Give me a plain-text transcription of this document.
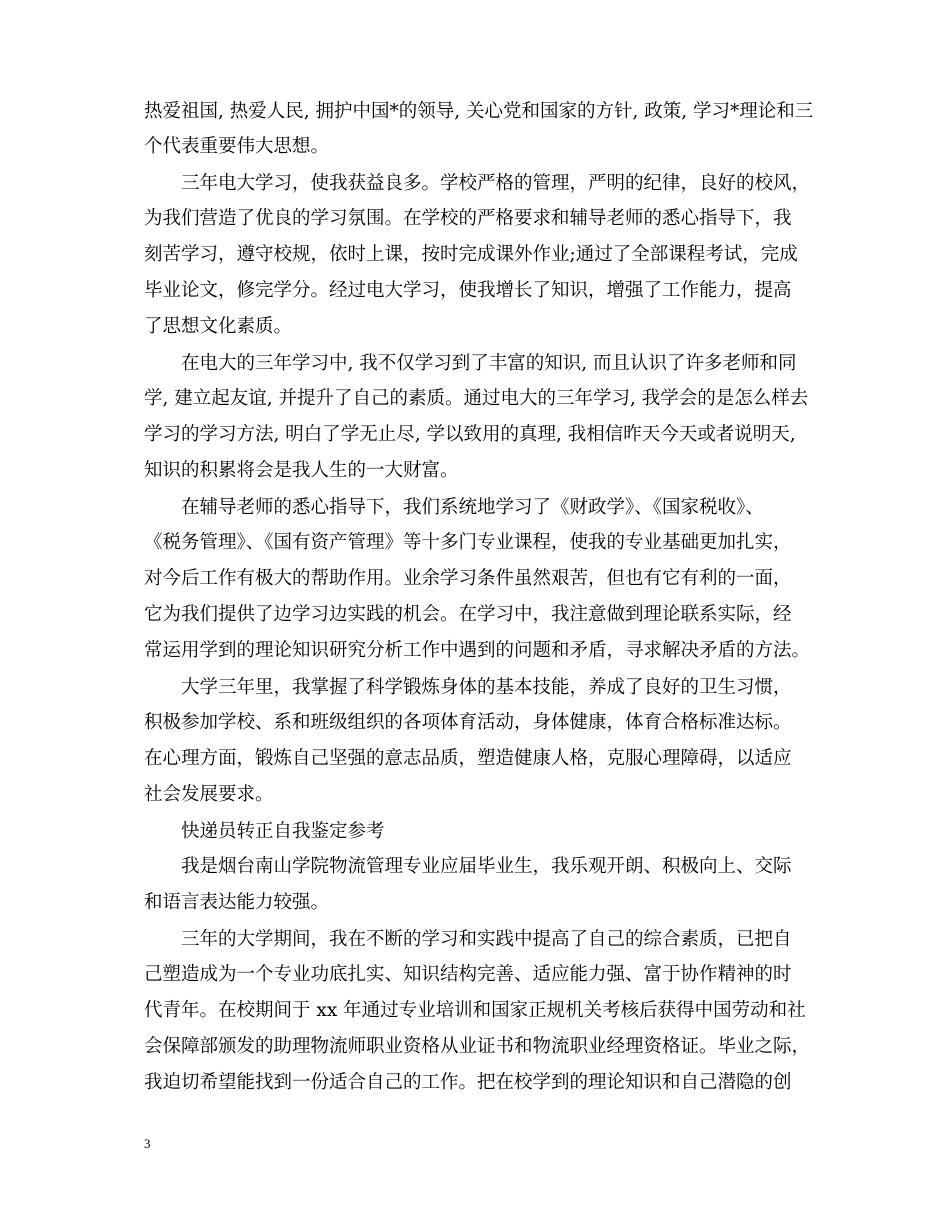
热爱祖国, 热爱人民, 拥护中国*的领导, 关心党和国家的方针, 政策, 学习*理论和三
个代表重要伟大思想。
三年电大学习，使我获益良多。学校严格的管理，严明的纪律，良好的校风，
为我们营造了优良的学习氛围。在学校的严格要求和辅导老师的悉心指导下，我
刻苦学习，遵守校规，依时上课，按时完成课外作业;通过了全部课程考试，完成
毕业论文，修完学分。经过电大学习，使我增长了知识，增强了工作能力，提高
了思想文化素质。
在电大的三年学习中, 我不仅学习到了丰富的知识, 而且认识了许多老师和同
学, 建立起友谊, 并提升了自己的素质。通过电大的三年学习, 我学会的是怎么样去
学习的学习方法, 明白了学无止尽, 学以致用的真理, 我相信昨天今天或者说明天,
知识的积累将会是我人生的一大财富。
在辅导老师的悉心指导下，我们系统地学习了《财政学》、《国家税收》、
《税务管理》、《国有资产管理》等十多门专业课程，使我的专业基础更加扎实，
对今后工作有极大的帮助作用。业余学习条件虽然艰苦，但也有它有利的一面，
它为我们提供了边学习边实践的机会。在学习中，我注意做到理论联系实际，经
常运用学到的理论知识研究分析工作中遇到的问题和矛盾，寻求解决矛盾的方法。
大学三年里，我掌握了科学锻炼身体的基本技能，养成了良好的卫生习惯，
积极参加学校、系和班级组织的各项体育活动，身体健康，体育合格标准达标。
在心理方面，锻炼自己坚强的意志品质，塑造健康人格，克服心理障碍，以适应
社会发展要求。
快递员转正自我鉴定参考
我是烟台南山学院物流管理专业应届毕业生，我乐观开朗、积极向上、交际
和语言表达能力较强。
三年的大学期间，我在不断的学习和实践中提高了自己的综合素质，已把自
己塑造成为一个专业功底扎实、知识结构完善、适应能力强、富于协作精神的时
代青年。在校期间于 xx 年通过专业培训和国家正规机关考核后获得中国劳动和社
会保障部颁发的助理物流师职业资格从业证书和物流职业经理资格证。毕业之际，
我迫切希望能找到一份适合自己的工作。把在校学到的理论知识和自己潜隐的创
3
